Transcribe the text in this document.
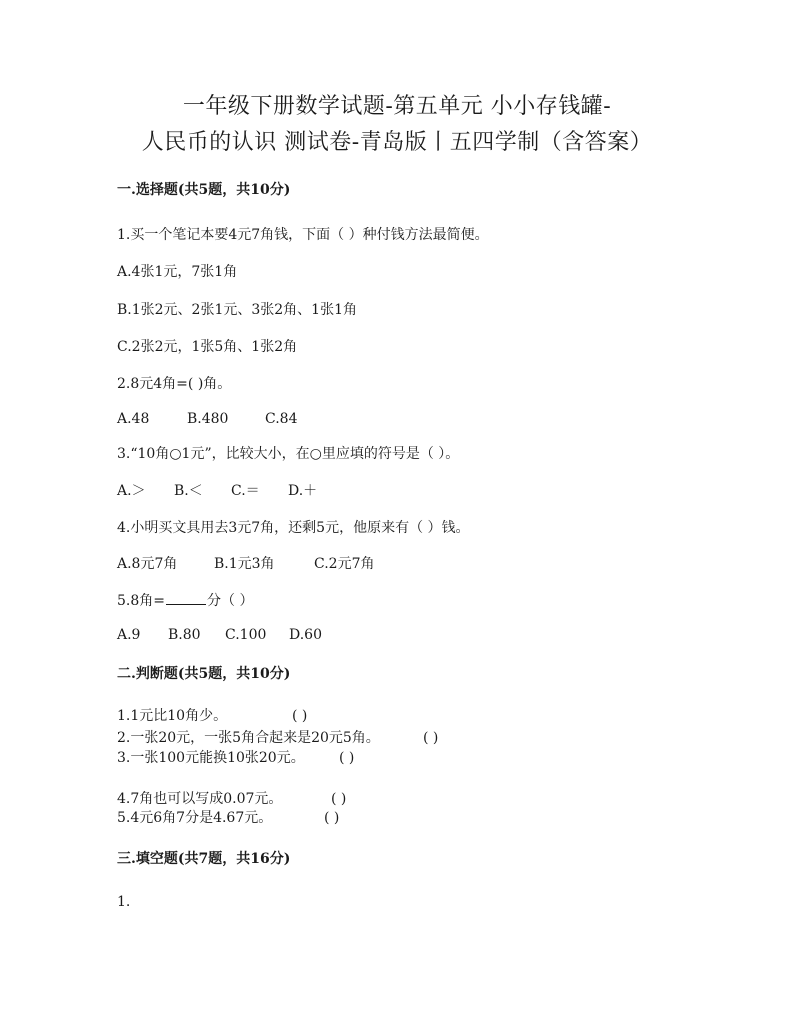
一年级下册数学试题-第五单元 小小存钱罐-
人民币的认识 测试卷-青岛版丨五四学制（含答案）
一.选择题(共5题，共10分)
1.买一个笔记本要4元7角钱，下面（ ）种付钱方法最简便。
A.4张1元，7张1角
B.1张2元、2张1元、3张2角、1张1角
C.2张2元，1张5角、1张2角
2.8元4角=( )角。
A.48	B.480	C.84
3.“10角○1元”，比较大小，在○里应填的符号是（ ）。
A.＞ B.＜ C.＝ D.＋
4.小明买文具用去3元7角，还剩5元，他原来有（ ）钱。
A.8元7角	B.1元3角	C.2元7角
5.8角=	分（ ）
A.9 B.80 C.100 D.60
二.判断题(共5题，共10分)
1.1元比10角少。	( )
2.一张20元，一张5角合起来是20元5角。	( )
3.一张100元能换10张20元。 ( )
4.7角也可以写成0.07元。	( )
5.4元6角7分是4.67元。	( )
三.填空题(共7题，共16分)
1.
